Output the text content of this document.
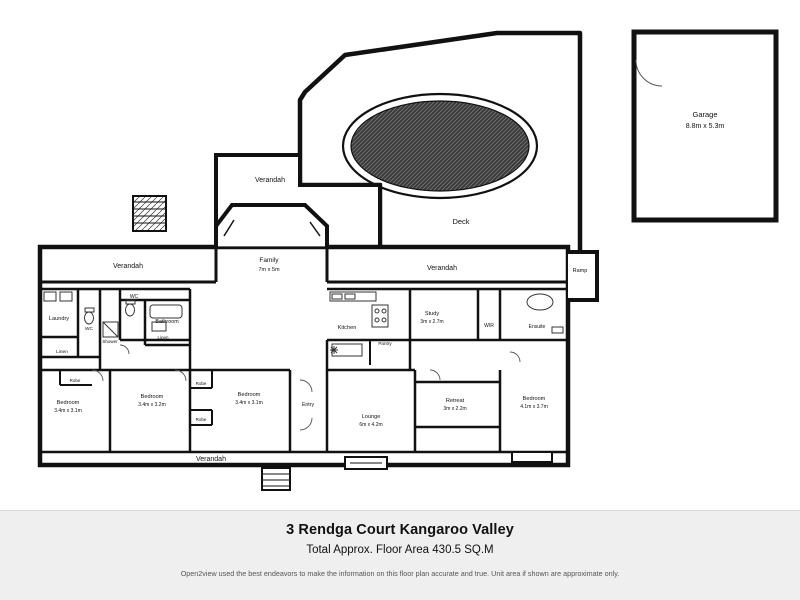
Garage
8.8m x 5.3m
Deck
Verandah
Ramp
Verandah	Verandah
Family
7m x 5m
Laundry
WC
WC
Bathroom
Shower
Linen
Linen
Robe
Robe
Robe
Bedroom
3.4m x 3.1m
Bedroom
3.4m x 3.2m
Bedroom
3.4m x 3.1m
Bedroom
4.1m x 3.7m
Entry
Lounge
6m x 4.2m
Retreat
3m x 2.2m
Kitchen
Pantry
Study
3m x 2.7m
WIR	Ensuite
Verandah
3 Rendga Court Kangaroo Valley
Total Approx. Floor Area 430.5 SQ.M
Open2view used the best endeavors to make the information on this floor plan accurate and true. Unit area if shown are approximate only.
